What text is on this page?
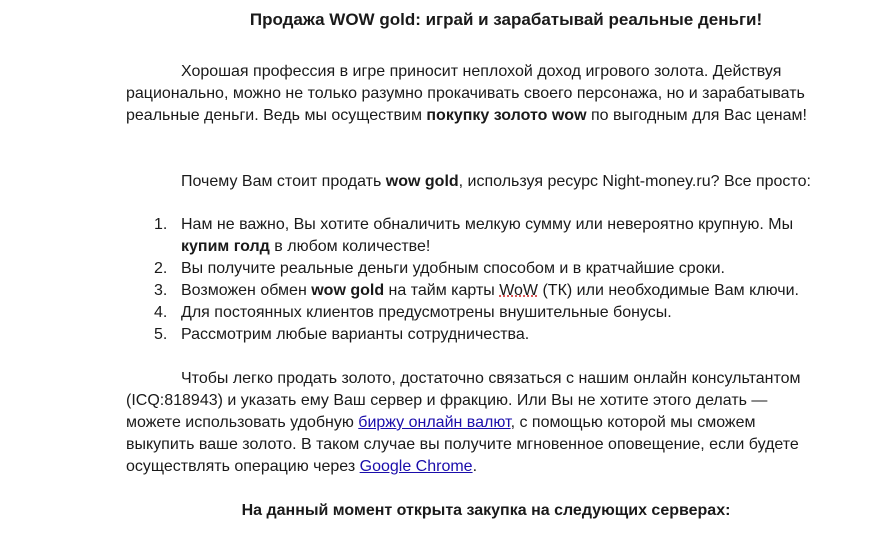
Продажа WOW gold: играй и зарабатывай реальные деньги!

Хорошая профессия в игре приносит неплохой доход игрового золота. Действуя рационально, можно не только разумно прокачивать своего персонажа, но и зарабатывать реальные деньги. Ведь мы осуществим покупку золото wow по выгодным для Вас ценам!

Почему Вам стоит продать wow gold, используя ресурс Night-money.ru? Все просто:

1. Нам не важно, Вы хотите обналичить мелкую сумму или невероятно крупную. Мы купим голд в любом количестве!
2. Вы получите реальные деньги удобным способом и в кратчайшие сроки.
3. Возможен обмен wow gold на тайм карты WoW (ТК) или необходимые Вам ключи.
4. Для постоянных клиентов предусмотрены внушительные бонусы.
5. Рассмотрим любые варианты сотрудничества.

Чтобы легко продать золото, достаточно связаться с нашим онлайн консультантом (ICQ:818943) и указать ему Ваш сервер и фракцию. Или Вы не хотите этого делать — можете использовать удобную биржу онлайн валют, с помощью которой мы сможем выкупить ваше золото. В таком случае вы получите мгновенное оповещение, если будете осуществлять операцию через Google Chrome.

На данный момент открыта закупка на следующих серверах:
